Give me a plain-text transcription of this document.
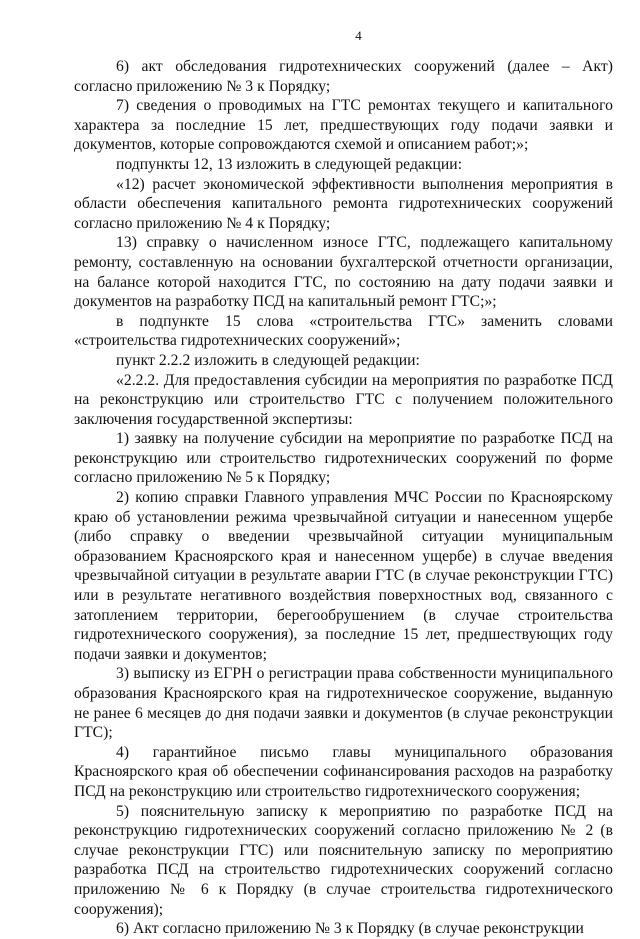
4

6) акт обследования гидротехнических сооружений (далее – Акт) согласно приложению № 3 к Порядку;

7) сведения о проводимых на ГТС ремонтах текущего и капитального характера за последние 15 лет, предшествующих году подачи заявки и документов, которые сопровождаются схемой и описанием работ;»;

подпункты 12, 13 изложить в следующей редакции:

«12) расчет экономической эффективности выполнения мероприятия в области обеспечения капитального ремонта гидротехнических сооружений согласно приложению № 4 к Порядку;

13) справку о начисленном износе ГТС, подлежащего капитальному ремонту, составленную на основании бухгалтерской отчетности организации, на балансе которой находится ГТС, по состоянию на дату подачи заявки и документов на разработку ПСД на капитальный ремонт ГТС;»;

в подпункте 15 слова «строительства ГТС» заменить словами «строительства гидротехнических сооружений»;

пункт 2.2.2 изложить в следующей редакции:

«2.2.2. Для предоставления субсидии на мероприятия по разработке ПСД на реконструкцию или строительство ГТС с получением положительного заключения государственной экспертизы:

1) заявку на получение субсидии на мероприятие по разработке ПСД на реконструкцию или строительство гидротехнических сооружений по форме согласно приложению № 5 к Порядку;

2) копию справки Главного управления МЧС России по Красноярскому краю об установлении режима чрезвычайной ситуации и нанесенном ущербе (либо справку о введении чрезвычайной ситуации муниципальным образованием Красноярского края и нанесенном ущербе) в случае введения чрезвычайной ситуации в результате аварии ГТС (в случае реконструкции ГТС) или в результате негативного воздействия поверхностных вод, связанного с затоплением территории, берегообрушением (в случае строительства гидротехнического сооружения), за последние 15 лет, предшествующих году подачи заявки и документов;

3) выписку из ЕГРН о регистрации права собственности муниципального образования Красноярского края на гидротехническое сооружение, выданную не ранее 6 месяцев до дня подачи заявки и документов (в случае реконструкции ГТС);

4) гарантийное письмо главы муниципального образования Красноярского края об обеспечении софинансирования расходов на разработку ПСД на реконструкцию или строительство гидротехнического сооружения;

5) пояснительную записку к мероприятию по разработке ПСД на реконструкцию гидротехнических сооружений согласно приложению № 2 (в случае реконструкции ГТС) или пояснительную записку по мероприятию разработка ПСД на строительство гидротехнических сооружений согласно приложению № 6 к Порядку (в случае строительства гидротехнического сооружения);

6) Акт согласно приложению № 3 к Порядку (в случае реконструкции
